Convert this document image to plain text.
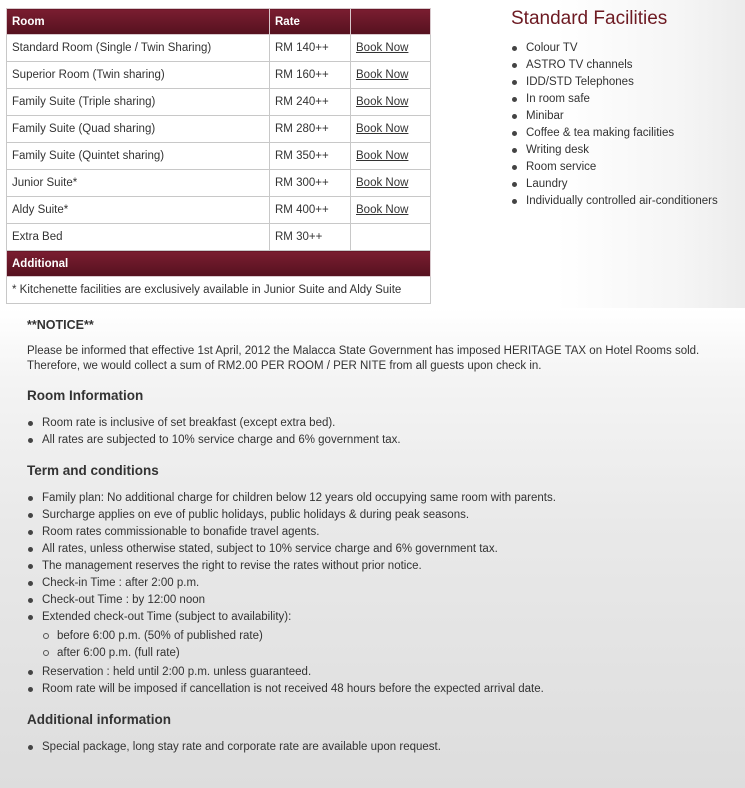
Room	Rate	
Standard Room (Single / Twin Sharing)	RM 140++	Book Now
Superior Room (Twin sharing)	RM 160++	Book Now
Family Suite (Triple sharing)	RM 240++	Book Now
Family Suite (Quad sharing)	RM 280++	Book Now
Family Suite (Quintet sharing)	RM 350++	Book Now
Junior Suite*	RM 300++	Book Now
Aldy Suite*	RM 400++	Book Now
Extra Bed	RM 30++	
Additional		
* Kitchenette facilities are exclusively available in Junior Suite and Aldy Suite		
Standard Facilities
Colour TV
ASTRO TV channels
IDD/STD Telephones
In room safe
Minibar
Coffee & tea making facilities
Writing desk
Room service
Laundry
Individually controlled air-conditioners
**NOTICE**
Please be informed that effective 1st April, 2012 the Malacca State Government has imposed HERITAGE TAX on Hotel Rooms sold.
Therefore, we would collect a sum of RM2.00 PER ROOM / PER NITE from all guests upon check in.
Room Information
Room rate is inclusive of set breakfast (except extra bed).
All rates are subjected to 10% service charge and 6% government tax.
Term and conditions
Family plan: No additional charge for children below 12 years old occupying same room with parents.
Surcharge applies on eve of public holidays, public holidays & during peak seasons.
Room rates commissionable to bonafide travel agents.
All rates, unless otherwise stated, subject to 10% service charge and 6% government tax.
The management reserves the right to revise the rates without prior notice.
Check-in Time : after 2:00 p.m.
Check-out Time : by 12:00 noon
Extended check-out Time (subject to availability):
before 6:00 p.m. (50% of published rate)
after 6:00 p.m. (full rate)
Reservation : held until 2:00 p.m. unless guaranteed.
Room rate will be imposed if cancellation is not received 48 hours before the expected arrival date.
Additional information
Special package, long stay rate and corporate rate are available upon request.
